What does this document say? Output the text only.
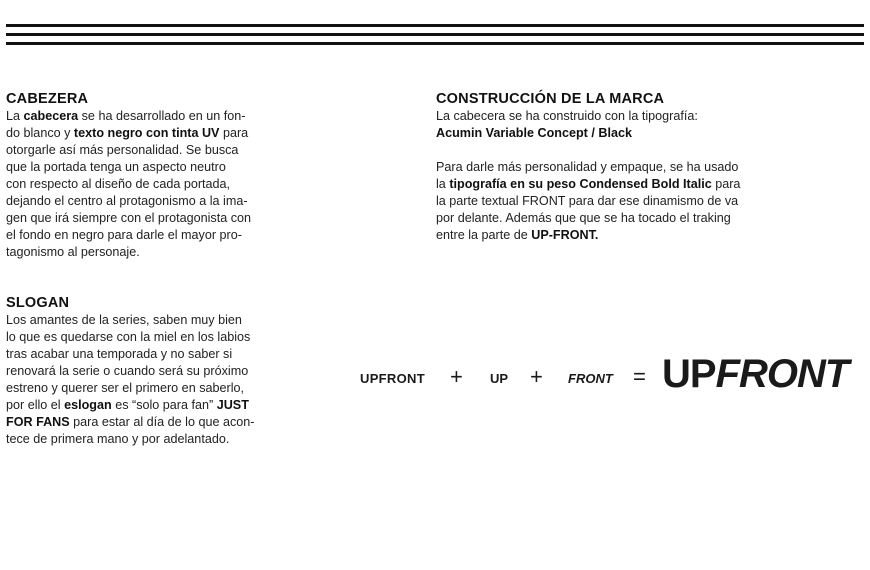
CABEZERA

La cabecera se ha desarrollado en un fon-
do blanco y texto negro con tinta UV para
otorgarle así más personalidad. Se busca
que la portada tenga un aspecto neutro
con respecto al diseño de cada portada,
dejando el centro al protagonismo a la ima-
gen que irá siempre con el protagonista con
el fondo en negro para darle el mayor pro-
tagonismo al personaje.

SLOGAN

Los amantes de la series, saben muy bien
lo que es quedarse con la miel en los labios
tras acabar una temporada y no saber si
renovará la serie o cuando será su próximo
estreno y querer ser el primero en saberlo,
por ello el eslogan es “solo para fan” JUST
FOR FANS para estar al día de lo que acon-
tece de primera mano y por adelantado.

CONSTRUCCIÓN DE LA MARCA

La cabecera se ha construido con la tipografía:
Acumin Variable Concept / Black

Para darle más personalidad y empaque, se ha usado
la tipografía en su peso Condensed Bold Italic para
la parte textual FRONT para dar ese dinamismo de va
por delante. Además que que se ha tocado el traking
entre la parte de UP-FRONT.

UPFRONT + UP + FRONT = UPFRONT
